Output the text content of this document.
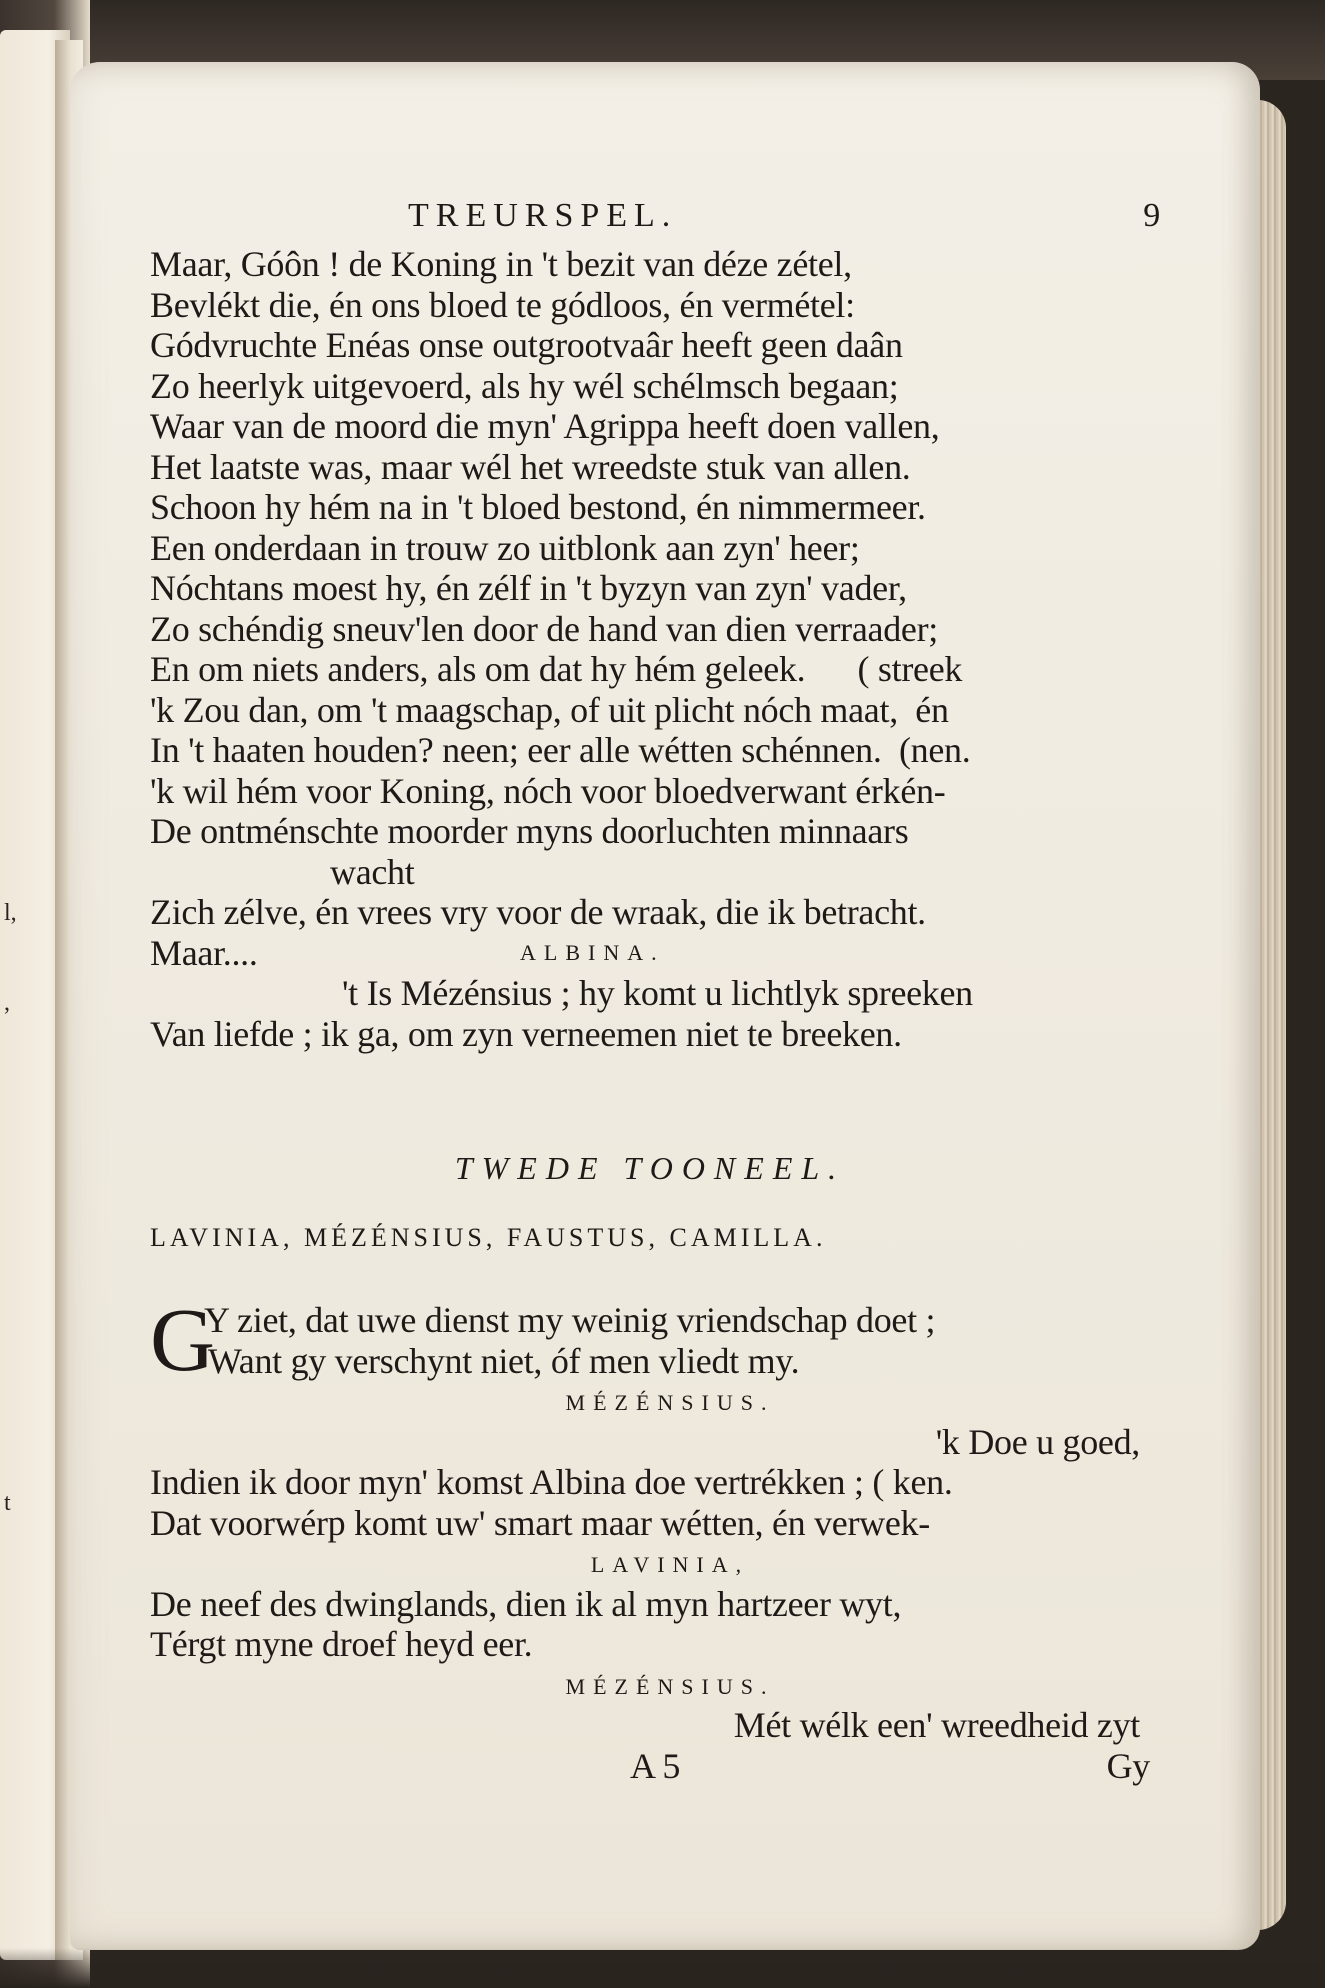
l,
,
t
TREURSPEL.	9
Maar, Góôn ! de Koning in 't bezit van déze zétel,
Bevlékt die, én ons bloed te gódloos, én vermétel:
Gódvruchte Enéas onse outgrootvaâr heeft geen daân
Zo heerlyk uitgevoerd, als hy wél schélmsch begaan;
Waar van de moord die myn' Agrippa heeft doen vallen,
Het laatste was, maar wél het wreedste stuk van allen.
Schoon hy hém na in 't bloed bestond, én nimmermeer.
Een onderdaan in trouw zo uitblonk aan zyn' heer;
Nóchtans moest hy, én zélf in 't byzyn van zyn' vader,
Zo schéndig sneuv'len door de hand van dien verraader;
En om niets anders, als om dat hy hém geleek.      ( streek
'k Zou dan, om 't maagschap, of uit plicht nóch maat,  én
In 't haaten houden? neen; eer alle wétten schénnen.  (nen.
'k wil hém voor Koning, nóch voor bloedverwant érkén-
De ontménschte moorder myns doorluchten minnaars
wacht
Zich zélve, én vrees vry voor de wraak, die ik betracht.
Maar....	ALBINA.
't Is Mézénsius ; hy komt u lichtlyk spreeken
Van liefde ; ik ga, om zyn verneemen niet te breeken.
TWEDE TOONEEL.
LAVINIA, MÉZÉNSIUS, FAUSTUS, CAMILLA.
G
Y ziet, dat uwe dienst my weinig vriendschap doet ;
Want gy verschynt niet, óf men vliedt my.
MÉZÉNSIUS.
'k Doe u goed,
Indien ik door myn' komst Albina doe vertrékken ; ( ken.
Dat voorwérp komt uw' smart maar wétten, én verwek-
LAVINIA,
De neef des dwinglands, dien ik al myn hartzeer wyt,
Térgt myne droef heyd eer.
MÉZÉNSIUS.
Mét wélk een' wreedheid zyt
A 5	Gy
